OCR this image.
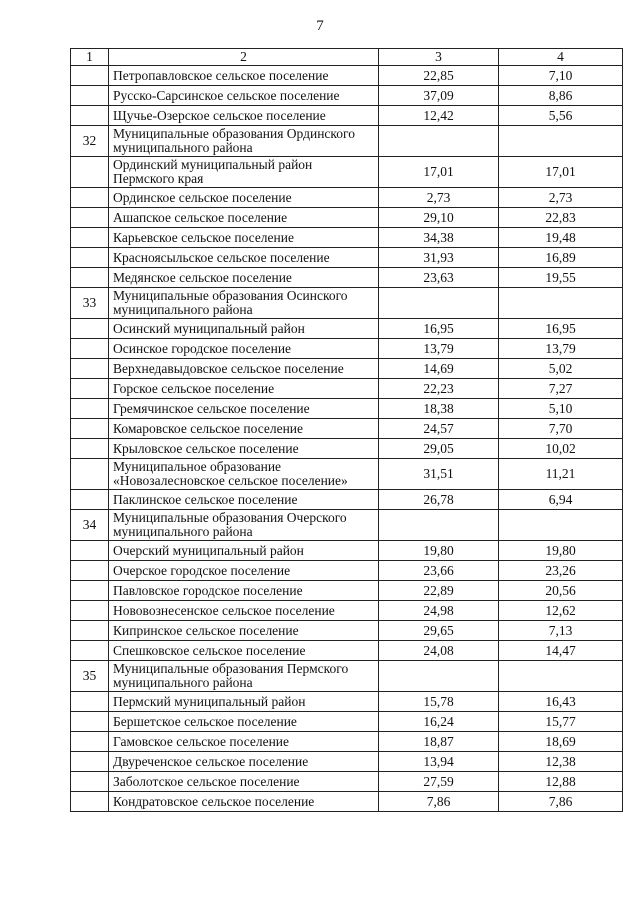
7
1	2	3	4
	Петропавловское сельское поселение	22,85	7,10
	Русско-Сарсинское сельское поселение	37,09	8,86
	Щучье-Озерское сельское поселение	12,42	5,56
32	Муниципальные образования Ординского муниципального района		
	Ординский муниципальный район Пермского края	17,01	17,01
	Ординское сельское поселение	2,73	2,73
	Ашапское сельское поселение	29,10	22,83
	Карьевское сельское поселение	34,38	19,48
	Красноясыльское сельское поселение	31,93	16,89
	Медянское сельское поселение	23,63	19,55
33	Муниципальные образования Осинского муниципального района		
	Осинский муниципальный район	16,95	16,95
	Осинское городское поселение	13,79	13,79
	Верхнедавыдовское сельское поселение	14,69	5,02
	Горское сельское поселение	22,23	7,27
	Гремячинское сельское поселение	18,38	5,10
	Комаровское сельское поселение	24,57	7,70
	Крыловское сельское поселение	29,05	10,02
	Муниципальное образование «Новозалесновское сельское поселение»	31,51	11,21
	Паклинское сельское поселение	26,78	6,94
34	Муниципальные образования Очерского муниципального района		
	Очерский муниципальный район	19,80	19,80
	Очерское городское поселение	23,66	23,26
	Павловское городское поселение	22,89	20,56
	Нововознесенское сельское поселение	24,98	12,62
	Кипринское сельское поселение	29,65	7,13
	Спешковское сельское поселение	24,08	14,47
35	Муниципальные образования Пермского муниципального района		
	Пермский муниципальный район	15,78	16,43
	Бершетское сельское поселение	16,24	15,77
	Гамовское сельское поселение	18,87	18,69
	Двуреченское сельское поселение	13,94	12,38
	Заболотское сельское поселение	27,59	12,88
	Кондратовское сельское поселение	7,86	7,86
